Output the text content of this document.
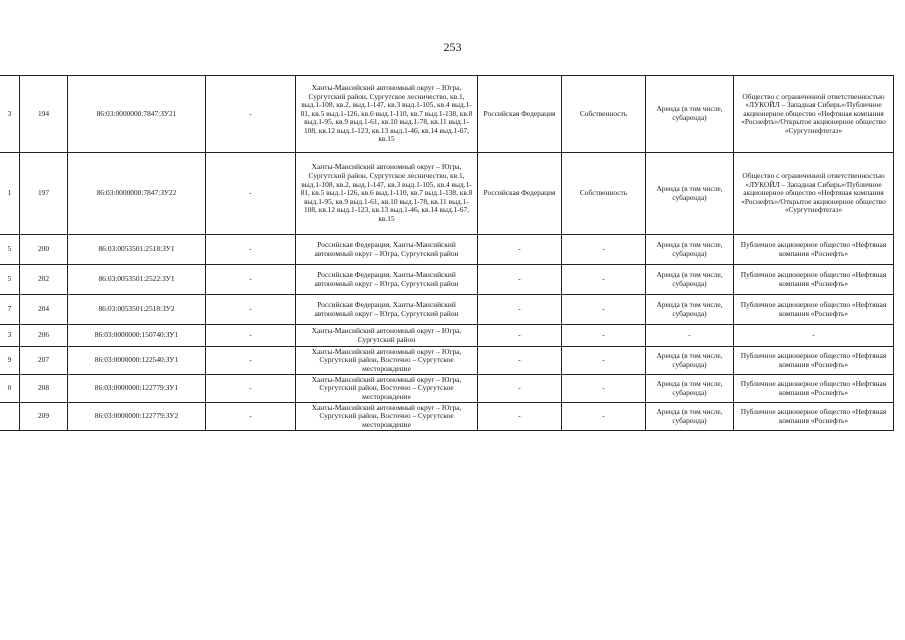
253
3	194	86:03:0000000:7847:ЗУ21	-	Ханты-Мансийский автономный округ – Югра, Сургутский район, Сургутское лесничество, кв.1, выд.1-108, кв.2, выд.1-147, кв.3 выд.1-105, кв.4 выд.1-81, кв.5 выд.1-126, кв.6 выд.1-110, кв.7 выд.1-138, кв.8 выд.1-95, кв.9 выд.1-61, кв.10 выд.1-78, кв.11 выд.1-108, кв.12 выд.1-123, кв.13 выд.1-46, кв.14 выд.1-67, кв.15	Российская Федерация	Собственность	Аренда (в том числе, субаренда)	Общество с ограниченной ответственностью «ЛУКОЙЛ – Западная Сибирь»/Публичное акционерное общество «Нефтяная компания «Роснефть»/Открытое акционерное общество «Сургутнефтегаз»
1	197	86:03:0000000:7847:ЗУ22	-	Ханты-Мансийский автономный округ – Югра, Сургутский район, Сургутское лесничество, кв.1, выд.1-108, кв.2, выд.1-147, кв.3 выд.1-105, кв.4 выд.1-81, кв.5 выд.1-126, кв.6 выд.1-110, кв.7 выд.1-138, кв.8 выд.1-95, кв.9 выд.1-61, кв.10 выд.1-78, кв.11 выд.1-108, кв.12 выд.1-123, кв.13 выд.1-46, кв.14 выд.1-67, кв.15	Российская Федерация	Собственность	Аренда (в том числе, субаренда)	Общество с ограниченной ответственностью «ЛУКОЙЛ – Западная Сибирь»/Публичное акционерное общество «Нефтяная компания «Роснефть»/Открытое акционерное общество «Сургутнефтегаз»
5	200	86:03:0053501:2518:ЗУ1	-	Российская Федерация, Ханты-Мансийский автономный округ – Югра, Сургутский район	-	-	Аренда (в том числе, субаренда)	Публичное акционерное общество «Нефтяная компания «Роснефть»
5	202	86:03:0053501:2522:ЗУ1	-	Российская Федерация, Ханты-Мансийский автономный округ – Югра, Сургутский район	-	-	Аренда (в том числе, субаренда)	Публичное акционерное общество «Нефтяная компания «Роснефть»
7	204	86:03:0053501:2518:ЗУ2	-	Российская Федерация, Ханты-Мансийский автономный округ – Югра, Сургутский район	-	-	Аренда (в том числе, субаренда)	Публичное акционерное общество «Нефтяная компания «Роснефть»
3	206	86:03:0000000:150740:ЗУ1	-	Ханты-Мансийский автономный округ – Югра, Сургутский район	-	-	-	-
9	207	86:03:0000000:122540:ЗУ1	-	Ханты-Мансийский автономный округ – Югра, Сургутский район, Восточно – Сургутское месторождение	-	-	Аренда (в том числе, субаренда)	Публичное акционерное общество «Нефтяная компания «Роснефть»
0	208	86:03:0000000:122779:ЗУ1	-	Ханты-Мансийский автономный округ – Югра, Сургутский район, Восточно – Сургутское месторождение	-	-	Аренда (в том числе, субаренда)	Публичное акционерное общество «Нефтяная компания «Роснефть»
	209	86:03:0000000:122779:ЗУ2	-	Ханты-Мансийский автономный округ – Югра, Сургутский район, Восточно – Сургутское месторождение	-	-	Аренда (в том числе, субаренда)	Публичное акционерное общество «Нефтяная компания «Роснефть»
